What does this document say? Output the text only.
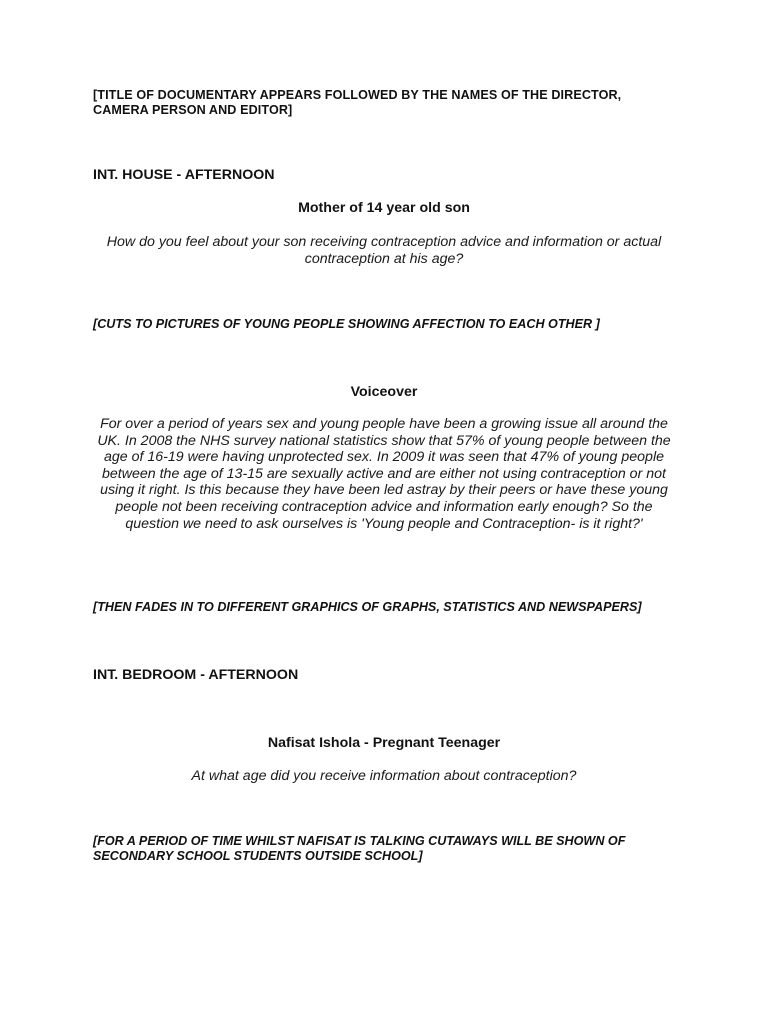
[TITLE OF DOCUMENTARY APPEARS FOLLOWED BY THE NAMES OF THE DIRECTOR, CAMERA PERSON AND EDITOR]

INT. HOUSE - AFTERNOON

Mother of 14 year old son

How do you feel about your son receiving contraception advice and information or actual contraception at his age?

[CUTS TO PICTURES OF YOUNG PEOPLE SHOWING AFFECTION TO EACH OTHER ]

Voiceover

For over a period of years sex and young people have been a growing issue all around the UK. In 2008 the NHS survey national statistics show that 57% of young people between the age of 16-19 were having unprotected sex. In 2009 it was seen that 47% of young people between the age of 13-15 are sexually active and are either not using contraception or not using it right. Is this because they have been led astray by their peers or have these young people not been receiving contraception advice and information early enough? So the question we need to ask ourselves is 'Young people and Contraception- is it right?'

[THEN FADES IN TO DIFFERENT GRAPHICS OF GRAPHS, STATISTICS AND NEWSPAPERS]

INT. BEDROOM - AFTERNOON

Nafisat Ishola - Pregnant Teenager

At what age did you receive information about contraception?

[FOR A PERIOD OF TIME WHILST NAFISAT IS TALKING CUTAWAYS WILL BE SHOWN OF SECONDARY SCHOOL STUDENTS OUTSIDE SCHOOL]
